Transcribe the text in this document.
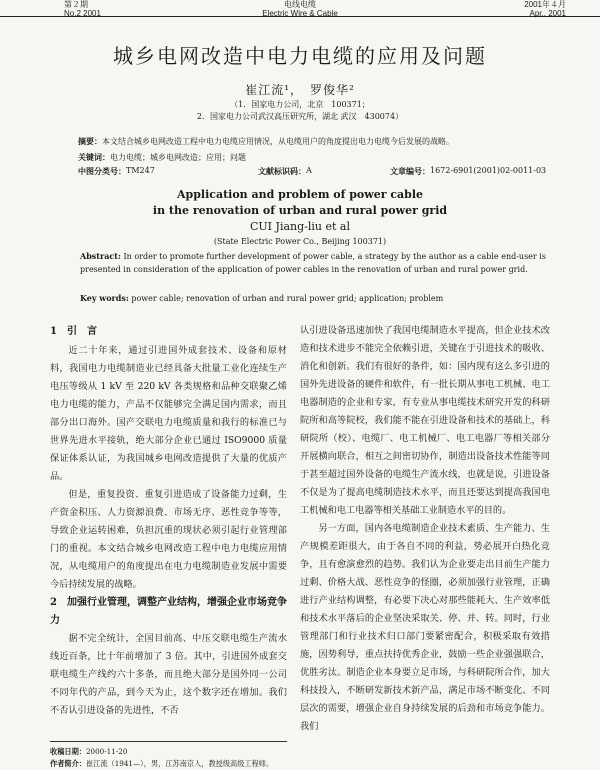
第２期
No.2 2001
电线电缆
Electric Wire & Cable
2001年４月
Apr., 2001
城乡电网改造中电力电缆的应用及问题
崔江流¹，　罗俊华²
（1．国家电力公司，北京　100371；
2．国家电力公司武汉高压研究所，湖北 武汉　430074）
摘要：本文结合城乡电网改造工程中电力电缆应用情况，从电缆用户的角度提出电力电缆今后发展的战略。
关键词：电力电缆；城乡电网改造；应用；问题
中图分类号： TM247	文献标识码： A	文章编号： 1672-6901(2001)02-0011-03
Application and problem of power cable
in the renovation of urban and rural power grid
CUI Jiang-liu et al
(State Electric Power Co., Beijing 100371)
Abstract: In order to promote further development of power cable, a strategy by the author as a cable end-user is presented in consideration of the application of power cables in the renovation of urban and rural power grid.
Key words: power cable; renovation of urban and rural power grid; application; problem
1　引　言

近二十年来，通过引进国外成套技术、设备和原材料，我国电力电缆制造业已经具备大批量工业化连续生产电压等级从 1 kV 至 220 kV 各类规格和品种交联聚乙烯电力电缆的能力，产品不仅能够完全满足国内需求，而且部分出口海外。国产交联电力电缆质量和我行的标准已与世界先进水平接轨，绝大部分企业已通过 ISO9000 质量保证体系认证，为我国城乡电网改造提供了大量的优质产品。

但是，重复投资、重复引进造成了设备能力过剩，生产资金积压、人力资源浪费、市场无序、恶性竞争等等，导致企业运转困难，负担沉重的现状必须引起行业管理部门的重视。本文结合城乡电网改造工程中电力电缆应用情况，从电缆用户的角度提出在电力电缆制造业发展中需要今后持续发展的战略。

2　加强行业管理，调整产业结构，增强企业市场竞争力

据不完全统计，全国目前高、中压交联电缆生产流水线近百条，比十年前增加了 3 倍。其中，引进国外成套交联电缆生产线约六十多条，而且绝大部分是国外同一公司不同年代的产品，到今天为止，这个数字还在增加。我们不否认引进设备的先进性，不否

认引进设备迅速加快了我国电缆制造水平提高，但企业技术改造和技术进步不能完全依赖引进，关键在于引进技术的吸收、消化和创新。我们有很好的条件，如：国内现有这么多引进的国外先进设备的硬件和软件，有一批长期从事电工机械、电工电器制造的企业和专家，有专业从事电缆技术研究开发的科研院所和高等院校，我们能不能在引进设备和技术的基础上，科研院所（校）、电缆厂、电工机械厂、电工电器厂等相关部分开展横向联合，相互之间密切协作，制造出设备技术性能等同于甚至超过国外设备的电缆生产流水线，也就是说，引进设备不仅是为了提高电缆制造技术水平，而且还要达到提高我国电工机械和电工电器等相关基础工业制造水平的目的。

另一方面，国内各电缆制造企业技术素质、生产能力、生产规模差距很大，由于各自不同的利益，势必展开白热化竞争，且有愈演愈烈的趋势。我们认为企业要走出目前生产能力过剩、价格大战、恶性竞争的怪圈，必须加强行业管理，正确进行产业结构调整，有必要下决心对那些能耗大、生产效率低和技术水平落后的企业坚决采取关、停、并、转。同时，行业管理部门和行业技术归口部门要紧密配合，积极采取有效措施，因势利导，重点扶持优秀企业，鼓励一些企业强强联合，优胜劣汰。制造企业本身要立足市场，与科研院所合作，加大科技投入，不断研发新技术新产品，满足市场不断变化、不同层次的需要，增强企业自身持续发展的后劲和市场竞争能力。我们

收稿日期：2000-11-20
作者简介：崔江流（1941—），男，江苏南京人，教授级高级工程师。
